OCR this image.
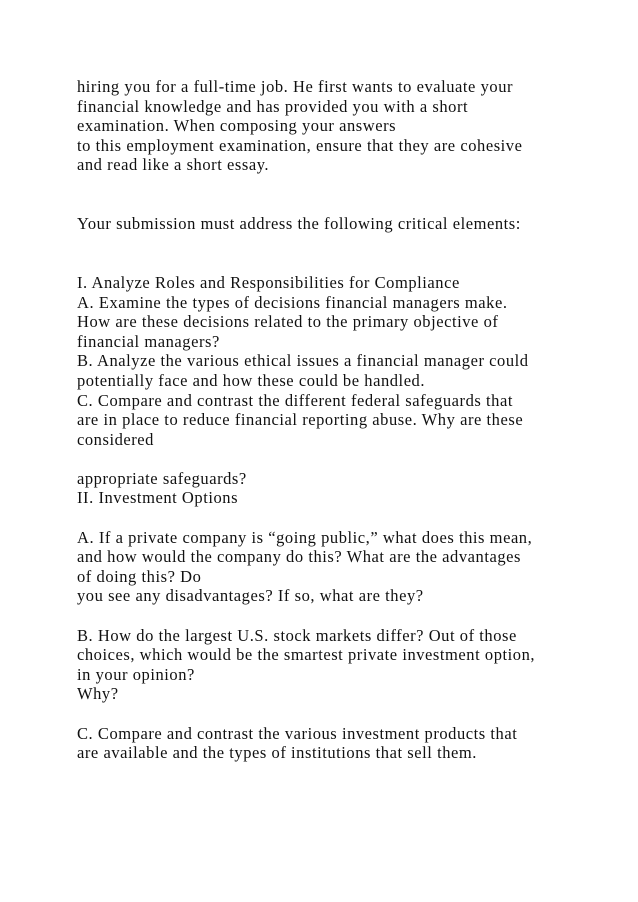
hiring you for a full-time job. He first wants to evaluate your
financial knowledge and has provided you with a short
examination. When composing your answers
to this employment examination, ensure that they are cohesive
and read like a short essay.
Your submission must address the following critical elements:
I. Analyze Roles and Responsibilities for Compliance
A. Examine the types of decisions financial managers make.
How are these decisions related to the primary objective of
financial managers?
B. Analyze the various ethical issues a financial manager could
potentially face and how these could be handled.
C. Compare and contrast the different federal safeguards that
are in place to reduce financial reporting abuse. Why are these
considered
appropriate safeguards?
II. Investment Options
A. If a private company is “going public,” what does this mean,
and how would the company do this? What are the advantages
of doing this? Do
you see any disadvantages? If so, what are they?
B. How do the largest U.S. stock markets differ? Out of those
choices, which would be the smartest private investment option,
in your opinion?
Why?
C. Compare and contrast the various investment products that
are available and the types of institutions that sell them.
